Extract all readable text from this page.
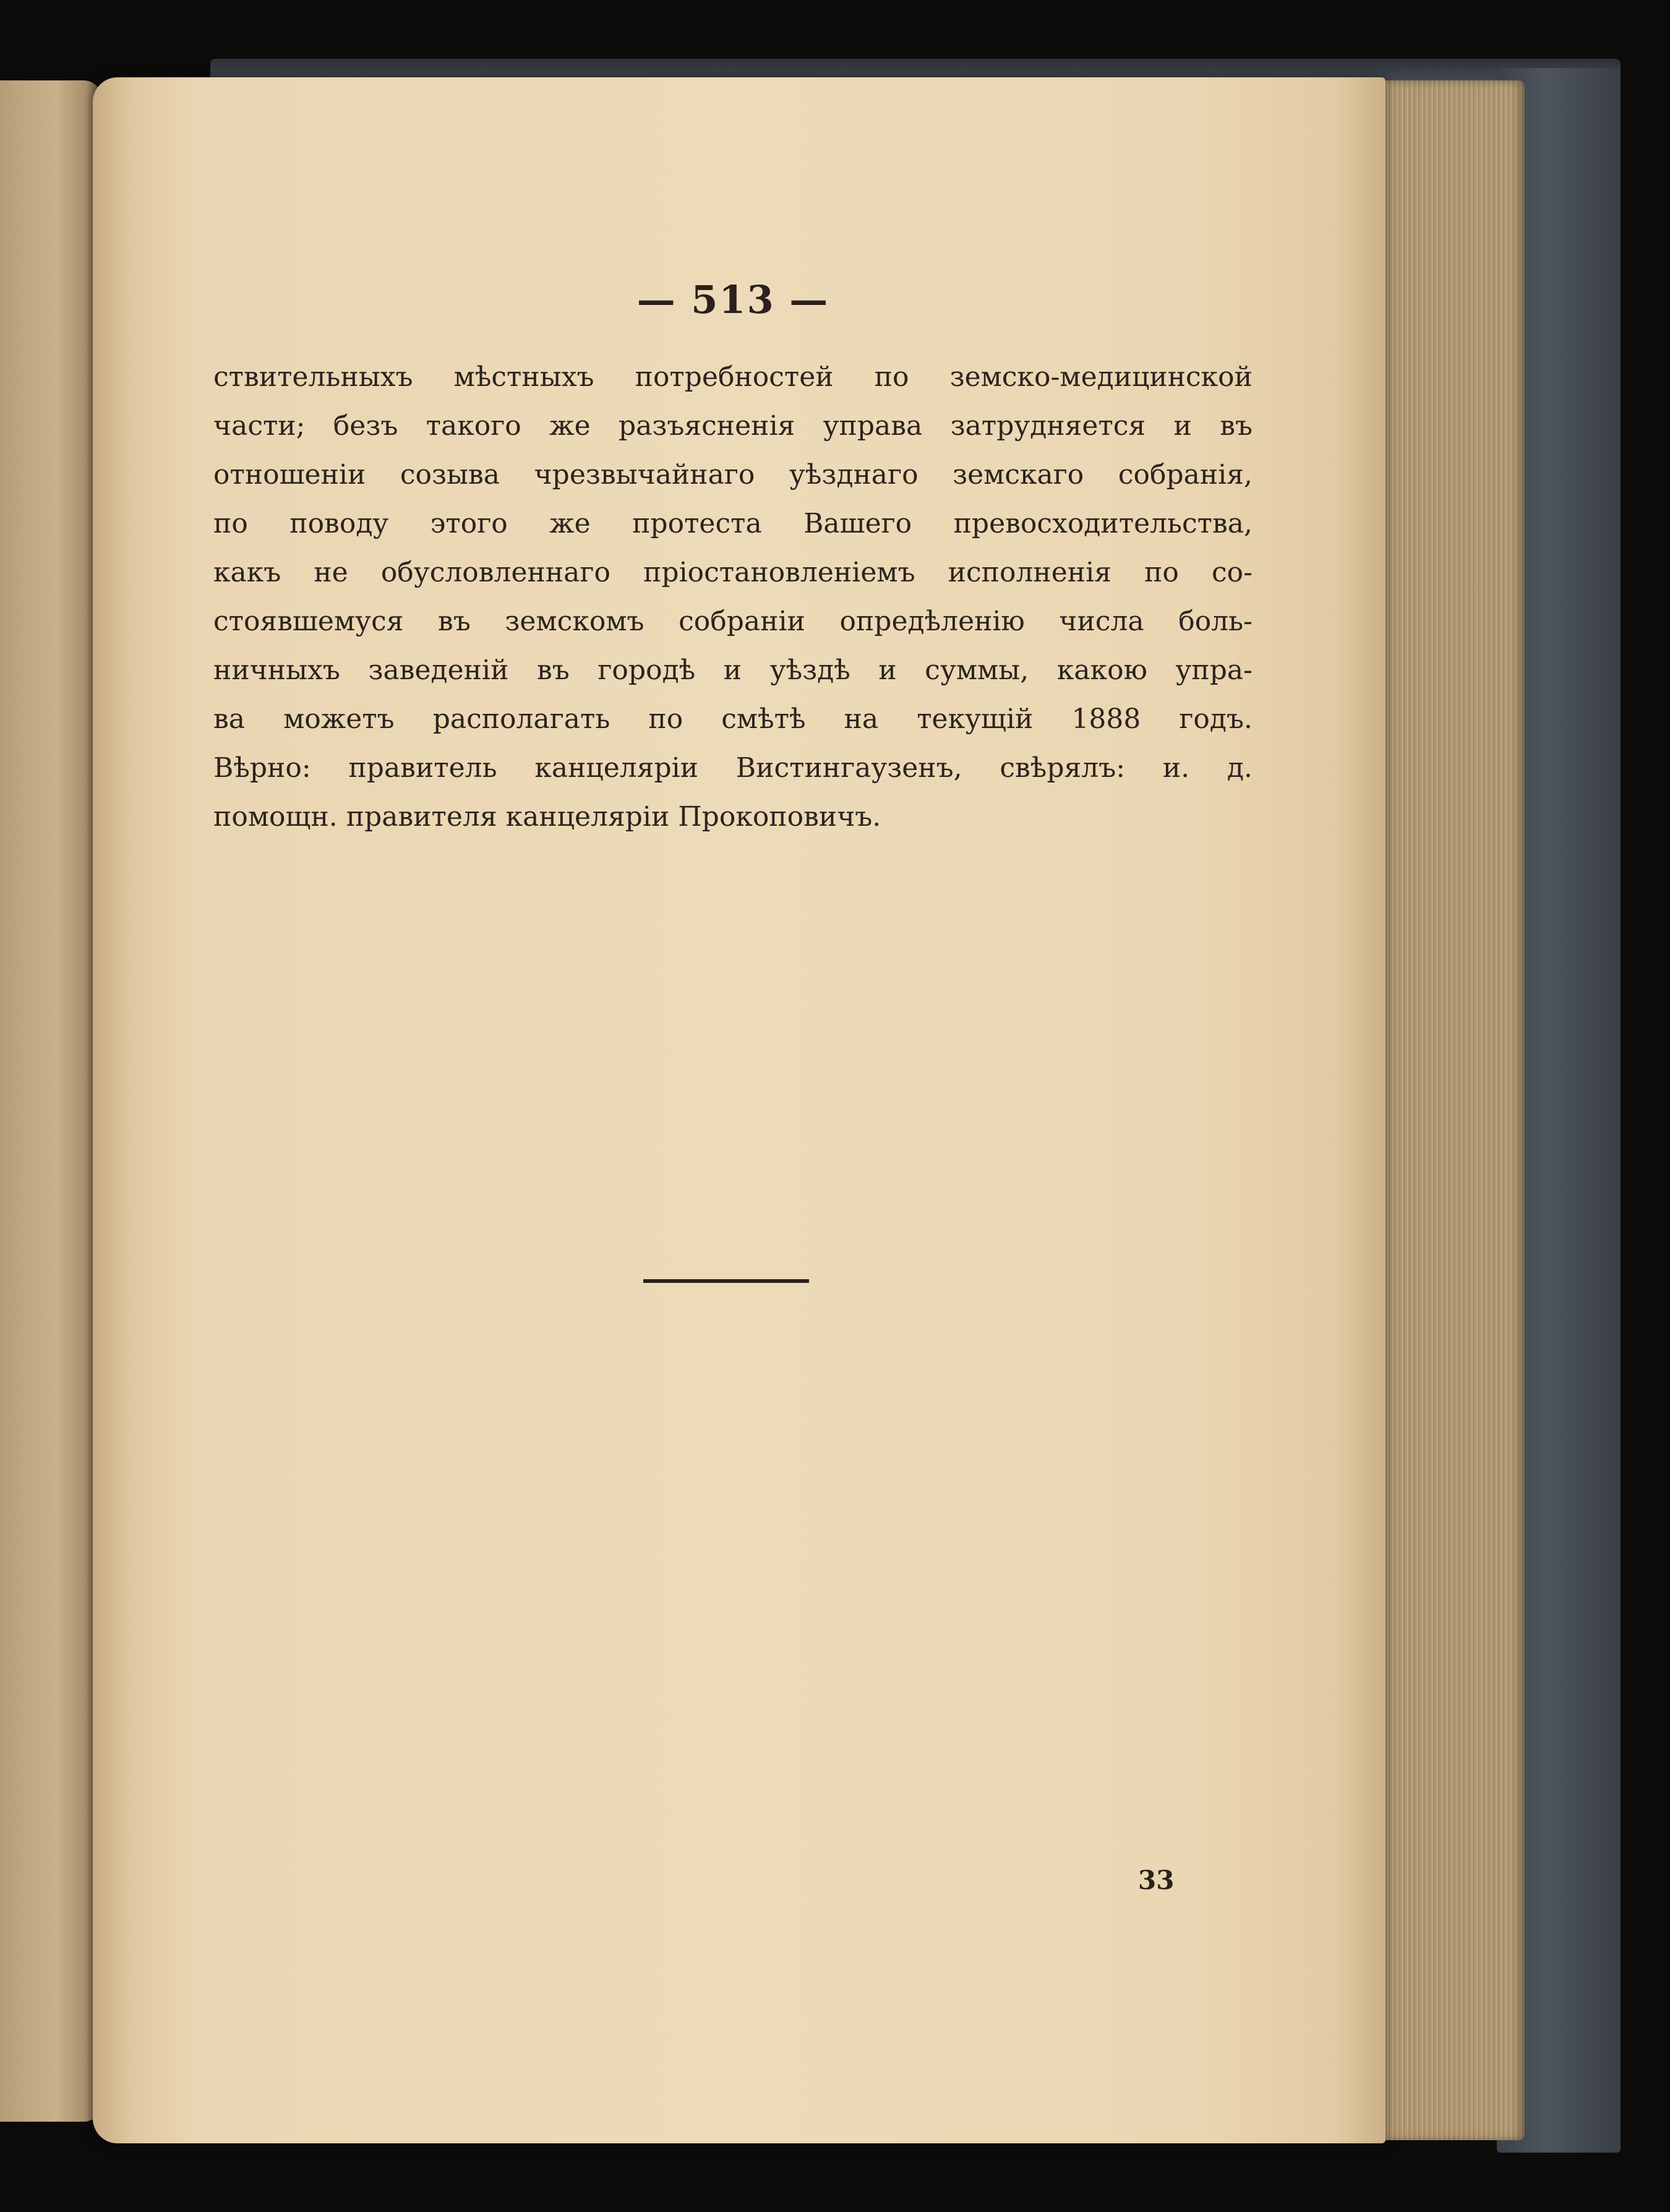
— 513 —
ствительныхъ мѣстныхъ потребностей по земско-медицинской
части; безъ такого же разъясненія управа затрудняется и въ
отношеніи созыва чрезвычайнаго уѣзднаго земскаго собранія,
по поводу этого же протеста Вашего превосходительства,
какъ не обусловленнаго пріостановленіемъ исполненія по со-
стоявшемуся въ земскомъ собраніи опредѣленію числа боль-
ничныхъ заведеній въ городѣ и уѣздѣ и суммы, какою упра-
ва можетъ располагать по смѣтѣ на текущій 1888 годъ.
Вѣрно: правитель канцеляріи Вистингаузенъ, свѣрялъ: и. д.
помощн. правителя канцеляріи Прокоповичъ.
33
